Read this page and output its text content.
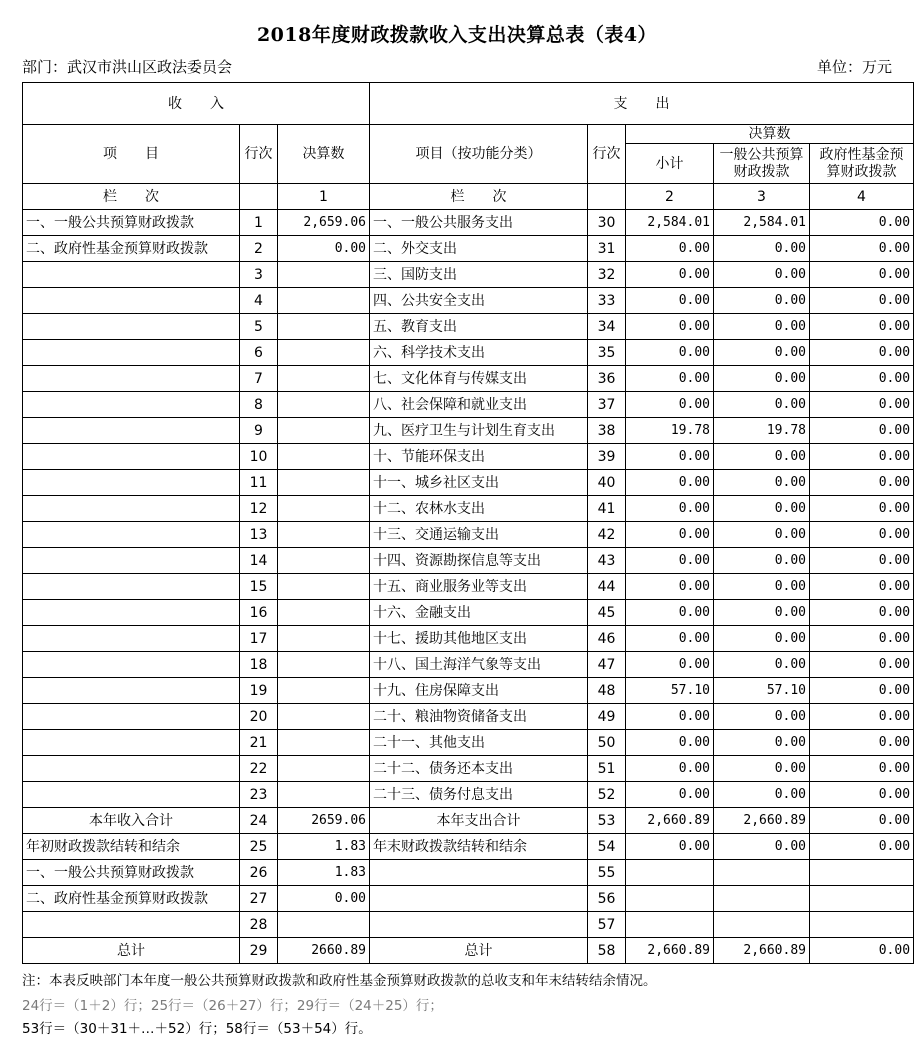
2018年度财政拨款收入支出决算总表（表4）
部门：武汉市洪山区政法委员会	单位：万元
收　　入			支　　出				
项　　目	行次	决算数	项目（按功能分类）	行次	决算数		
					小计	一般公共预算财政拨款	政府性基金预算财政拨款
栏　　次		1	栏　　次		2	3	4
一、一般公共预算财政拨款	1	2,659.06	一、一般公共服务支出	30	2,584.01	2,584.01	0.00
二、政府性基金预算财政拨款	2	0.00	二、外交支出	31	0.00	0.00	0.00
	3		三、国防支出	32	0.00	0.00	0.00
	4		四、公共安全支出	33	0.00	0.00	0.00
	5		五、教育支出	34	0.00	0.00	0.00
	6		六、科学技术支出	35	0.00	0.00	0.00
	7		七、文化体育与传媒支出	36	0.00	0.00	0.00
	8		八、社会保障和就业支出	37	0.00	0.00	0.00
	9		九、医疗卫生与计划生育支出	38	19.78	19.78	0.00
	10		十、节能环保支出	39	0.00	0.00	0.00
	11		十一、城乡社区支出	40	0.00	0.00	0.00
	12		十二、农林水支出	41	0.00	0.00	0.00
	13		十三、交通运输支出	42	0.00	0.00	0.00
	14		十四、资源勘探信息等支出	43	0.00	0.00	0.00
	15		十五、商业服务业等支出	44	0.00	0.00	0.00
	16		十六、金融支出	45	0.00	0.00	0.00
	17		十七、援助其他地区支出	46	0.00	0.00	0.00
	18		十八、国土海洋气象等支出	47	0.00	0.00	0.00
	19		十九、住房保障支出	48	57.10	57.10	0.00
	20		二十、粮油物资储备支出	49	0.00	0.00	0.00
	21		二十一、其他支出	50	0.00	0.00	0.00
	22		二十二、债务还本支出	51	0.00	0.00	0.00
	23		二十三、债务付息支出	52	0.00	0.00	0.00
本年收入合计	24	2659.06	本年支出合计	53	2,660.89	2,660.89	0.00
年初财政拨款结转和结余	25	1.83	年末财政拨款结转和结余	54	0.00	0.00	0.00
一、一般公共预算财政拨款	26	1.83		55			
二、政府性基金预算财政拨款	27	0.00		56			
	28			57			
总计	29	2660.89	总计	58	2,660.89	2,660.89	0.00
注：本表反映部门本年度一般公共预算财政拨款和政府性基金预算财政拨款的总收支和年末结转结余情况。
24行＝（1＋2）行；25行＝（26＋27）行；29行＝（24＋25）行；
53行＝（30＋31＋…＋52）行；58行＝（53＋54）行。
